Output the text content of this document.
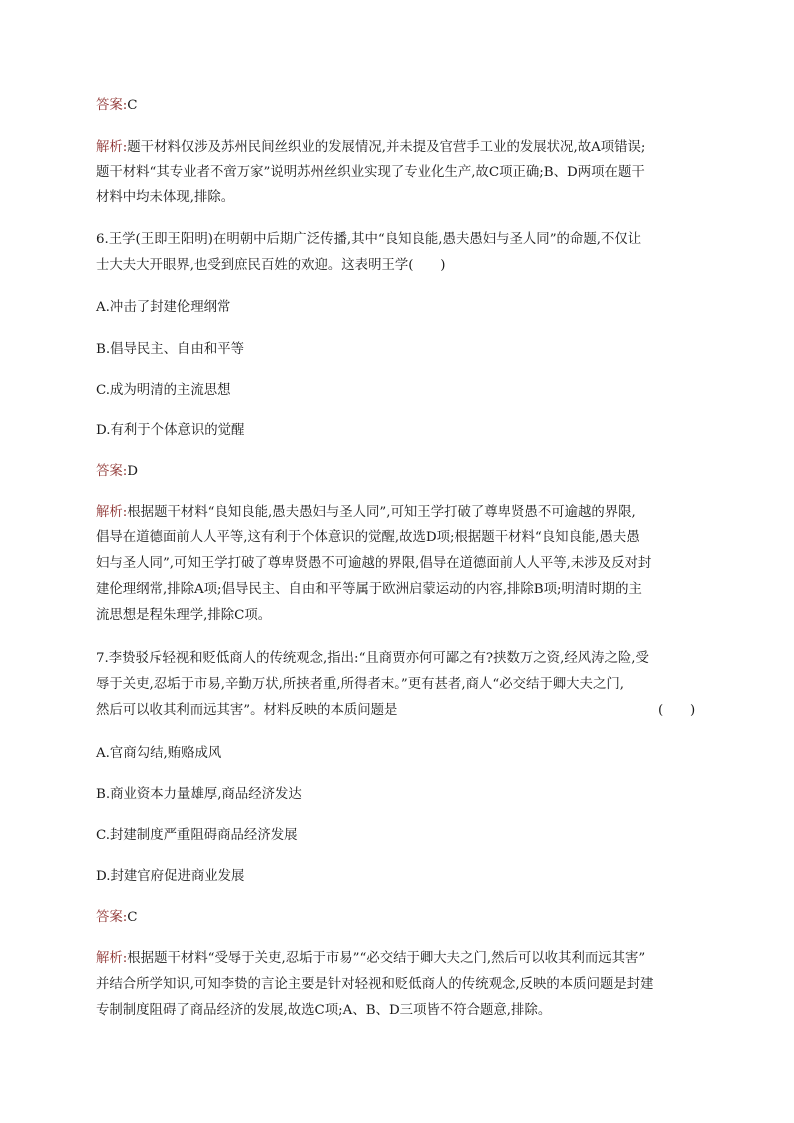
答案:C
解析:题干材料仅涉及苏州民间丝织业的发展情况,并未提及官营手工业的发展状况,故A项错误;
题干材料“其专业者不啻万家”说明苏州丝织业实现了专业化生产,故C项正确;B、D两项在题干
材料中均未体现,排除。
6.王学(王即王阳明)在明朝中后期广泛传播,其中“良知良能,愚夫愚妇与圣人同”的命题,不仅让
士大夫大开眼界,也受到庶民百姓的欢迎。这表明王学(　　)
A.冲击了封建伦理纲常
B.倡导民主、自由和平等
C.成为明清的主流思想
D.有利于个体意识的觉醒
答案:D
解析:根据题干材料“良知良能,愚夫愚妇与圣人同”,可知王学打破了尊卑贤愚不可逾越的界限,
倡导在道德面前人人平等,这有利于个体意识的觉醒,故选D项;根据题干材料“良知良能,愚夫愚
妇与圣人同”,可知王学打破了尊卑贤愚不可逾越的界限,倡导在道德面前人人平等,未涉及反对封
建伦理纲常,排除A项;倡导民主、自由和平等属于欧洲启蒙运动的内容,排除B项;明清时期的主
流思想是程朱理学,排除C项。
7.李贽驳斥轻视和贬低商人的传统观念,指出:“且商贾亦何可鄙之有?挟数万之资,经风涛之险,受
辱于关吏,忍垢于市易,辛勤万状,所挟者重,所得者末。”更有甚者,商人“必交结于卿大夫之门,
然后可以收其利而远其害”。材料反映的本质问题是	(　　)
A.官商勾结,贿赂成风
B.商业资本力量雄厚,商品经济发达
C.封建制度严重阻碍商品经济发展
D.封建官府促进商业发展
答案:C
解析:根据题干材料“受辱于关吏,忍垢于市易”“必交结于卿大夫之门,然后可以收其利而远其害”
并结合所学知识,可知李贽的言论主要是针对轻视和贬低商人的传统观念,反映的本质问题是封建
专制制度阻碍了商品经济的发展,故选C项;A、B、D三项皆不符合题意,排除。
